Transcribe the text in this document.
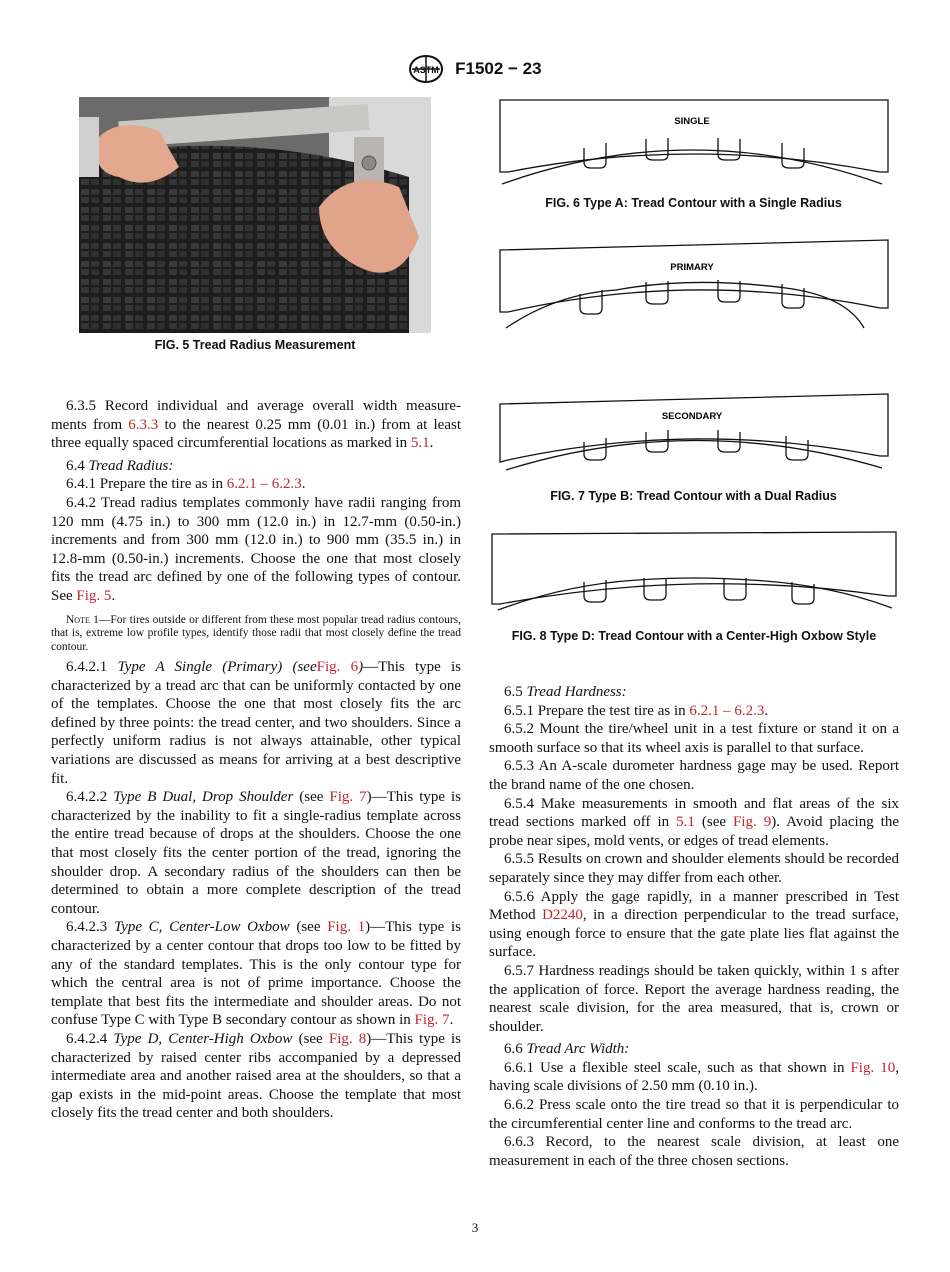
ASTM F1502 − 23
FIG. 5 Tread Radius Measurement
SINGLE
FIG. 6 Type A: Tread Contour with a Single Radius
PRIMARY
SECONDARY
FIG. 7 Type B: Tread Contour with a Dual Radius
FIG. 8 Type D: Tread Contour with a Center-High Oxbow Style

6.3.5 Record individual and average overall width measure-ments from 6.3.3 to the nearest 0.25 mm (0.01 in.) from at least three equally spaced circumferential locations as marked in 5.1.

6.4 Tread Radius:

6.4.1 Prepare the tire as in 6.2.1 – 6.2.3.

6.4.2 Tread radius templates commonly have radii ranging from 120 mm (4.75 in.) to 300 mm (12.0 in.) in 12.7-mm (0.50-in.) increments and from 300 mm (12.0 in.) to 900 mm (35.5 in.) in 12.8-mm (0.50-in.) increments. Choose the one that most closely fits the tread arc defined by one of the following types of contour. See Fig. 5.

Note 1—For tires outside or different from these most popular tread radius contours, that is, extreme low profile types, identify those radii that most closely define the tread contour.

6.4.2.1 Type A Single (Primary) (seeFig. 6)—This type is characterized by a tread arc that can be uniformly contacted by one of the templates. Choose the one that most closely fits the arc defined by three points: the tread center, and two shoulders. Since a perfectly uniform radius is not always attainable, other typical variations are discussed as means for arriving at a best descriptive fit.

6.4.2.2 Type B Dual, Drop Shoulder (see Fig. 7)—This type is characterized by the inability to fit a single-radius template across the entire tread because of drops at the shoulders. Choose the one that most closely fits the center portion of the tread, ignoring the shoulder drop. A secondary radius of the shoulders can then be determined to obtain a more complete description of the tread contour.

6.4.2.3 Type C, Center-Low Oxbow (see Fig. 1)—This type is characterized by a center contour that drops too low to be fitted by any of the standard templates. This is the only contour type for which the central area is not of prime importance. Choose the template that best fits the intermediate and shoulder areas. Do not confuse Type C with Type B secondary contour as shown in Fig. 7.

6.4.2.4 Type D, Center-High Oxbow (see Fig. 8)—This type is characterized by raised center ribs accompanied by a depressed intermediate area and another raised area at the shoulders, so that a gap exists in the mid-point areas. Choose the template that most closely fits the tread center and both shoulders.

6.5 Tread Hardness:

6.5.1 Prepare the test tire as in 6.2.1 – 6.2.3.

6.5.2 Mount the tire/wheel unit in a test fixture or stand it on a smooth surface so that its wheel axis is parallel to that surface.

6.5.3 An A-scale durometer hardness gage may be used. Report the brand name of the one chosen.

6.5.4 Make measurements in smooth and flat areas of the six tread sections marked off in 5.1 (see Fig. 9). Avoid placing the probe near sipes, mold vents, or edges of tread elements.

6.5.5 Results on crown and shoulder elements should be recorded separately since they may differ from each other.

6.5.6 Apply the gage rapidly, in a manner prescribed in Test Method D2240, in a direction perpendicular to the tread surface, using enough force to ensure that the gate plate lies flat against the surface.

6.5.7 Hardness readings should be taken quickly, within 1 s after the application of force. Report the average hardness reading, the nearest scale division, for the area measured, that is, crown or shoulder.

6.6 Tread Arc Width:

6.6.1 Use a flexible steel scale, such as that shown in Fig. 10, having scale divisions of 2.50 mm (0.10 in.).

6.6.2 Press scale onto the tire tread so that it is perpendicular to the circumferential center line and conforms to the tread arc.

6.6.3 Record, to the nearest scale division, at least one measurement in each of the three chosen sections.

3
